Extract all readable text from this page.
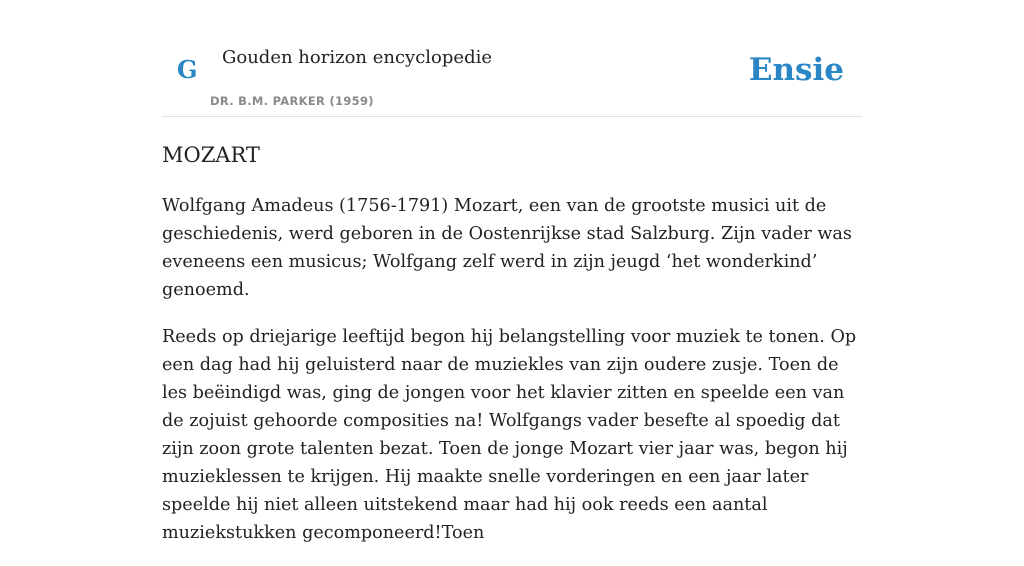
G Gouden horizon encyclopedie
DR. B.M. PARKER (1959)
Ensie
MOZART

Wolfgang Amadeus (1756-1791) Mozart, een van de grootste musici uit de geschiedenis, werd geboren in de Oostenrijkse stad Salzburg. Zijn vader was eveneens een musicus; Wolfgang zelf werd in zijn jeugd ‘het wonderkind’ genoemd.

Reeds op driejarige leeftijd begon hij belangstelling voor muziek te tonen. Op een dag had hij geluisterd naar de muziekles van zijn oudere zusje. Toen de les beëindigd was, ging de jongen voor het klavier zitten en speelde een van de zojuist gehoorde composities na! Wolfgangs vader besefte al spoedig dat zijn zoon grote talenten bezat. Toen de jonge Mozart vier jaar was, begon hij muzieklessen te krijgen. Hij maakte snelle vorderingen en een jaar later speelde hij niet alleen uitstekend maar had hij ook reeds een aantal muziekstukken gecomponeerd!Toen
